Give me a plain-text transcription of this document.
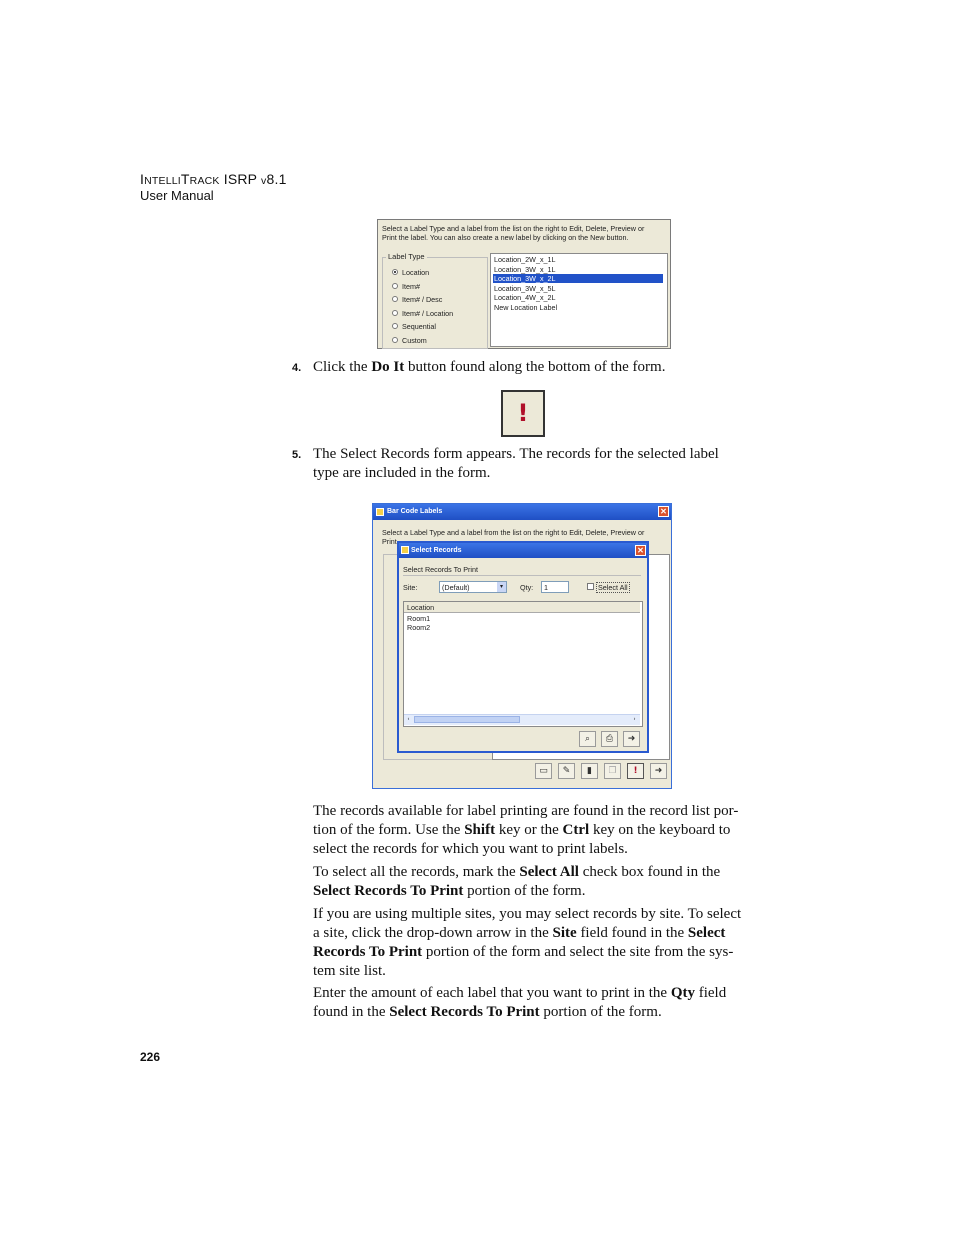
INTELLITRACK ISRP v8.1
User Manual
Select a Label Type and a label from the list on the right to Edit, Delete, Preview or
Print the label. You can also create a new label by clicking on the New button.
Label Type
Location
Item#
Item# / Desc
Item# / Location
Sequential
Custom
Location_2W_x_1L
Location_3W_x_1L
Location_3W_x_2L
Location_3W_x_5L
Location_4W_x_2L
New Location Label
4. Click the Do It button found along the bottom of the form.
!
5. The Select Records form appears. The records for the selected label
type are included in the form.
Bar Code Labels	✕
Select a Label Type and a label from the list on the right to Edit, Delete, Preview or
Print
▭	✎	▮	❐	!	➜
Select Records	✕
Select Records To Print
Site:	(Default)	▾	Qty: 1	Select All
Location
Room1
Room2
‹	›
⌕	⎙	➜
The records available for label printing are found in the record list por-
tion of the form. Use the Shift key or the Ctrl key on the keyboard to
select the records for which you want to print labels.
To select all the records, mark the Select All check box found in the
Select Records To Print portion of the form.
If you are using multiple sites, you may select records by site. To select
a site, click the drop-down arrow in the Site field found in the Select
Records To Print portion of the form and select the site from the sys-
tem site list.
Enter the amount of each label that you want to print in the Qty field
found in the Select Records To Print portion of the form.
226
